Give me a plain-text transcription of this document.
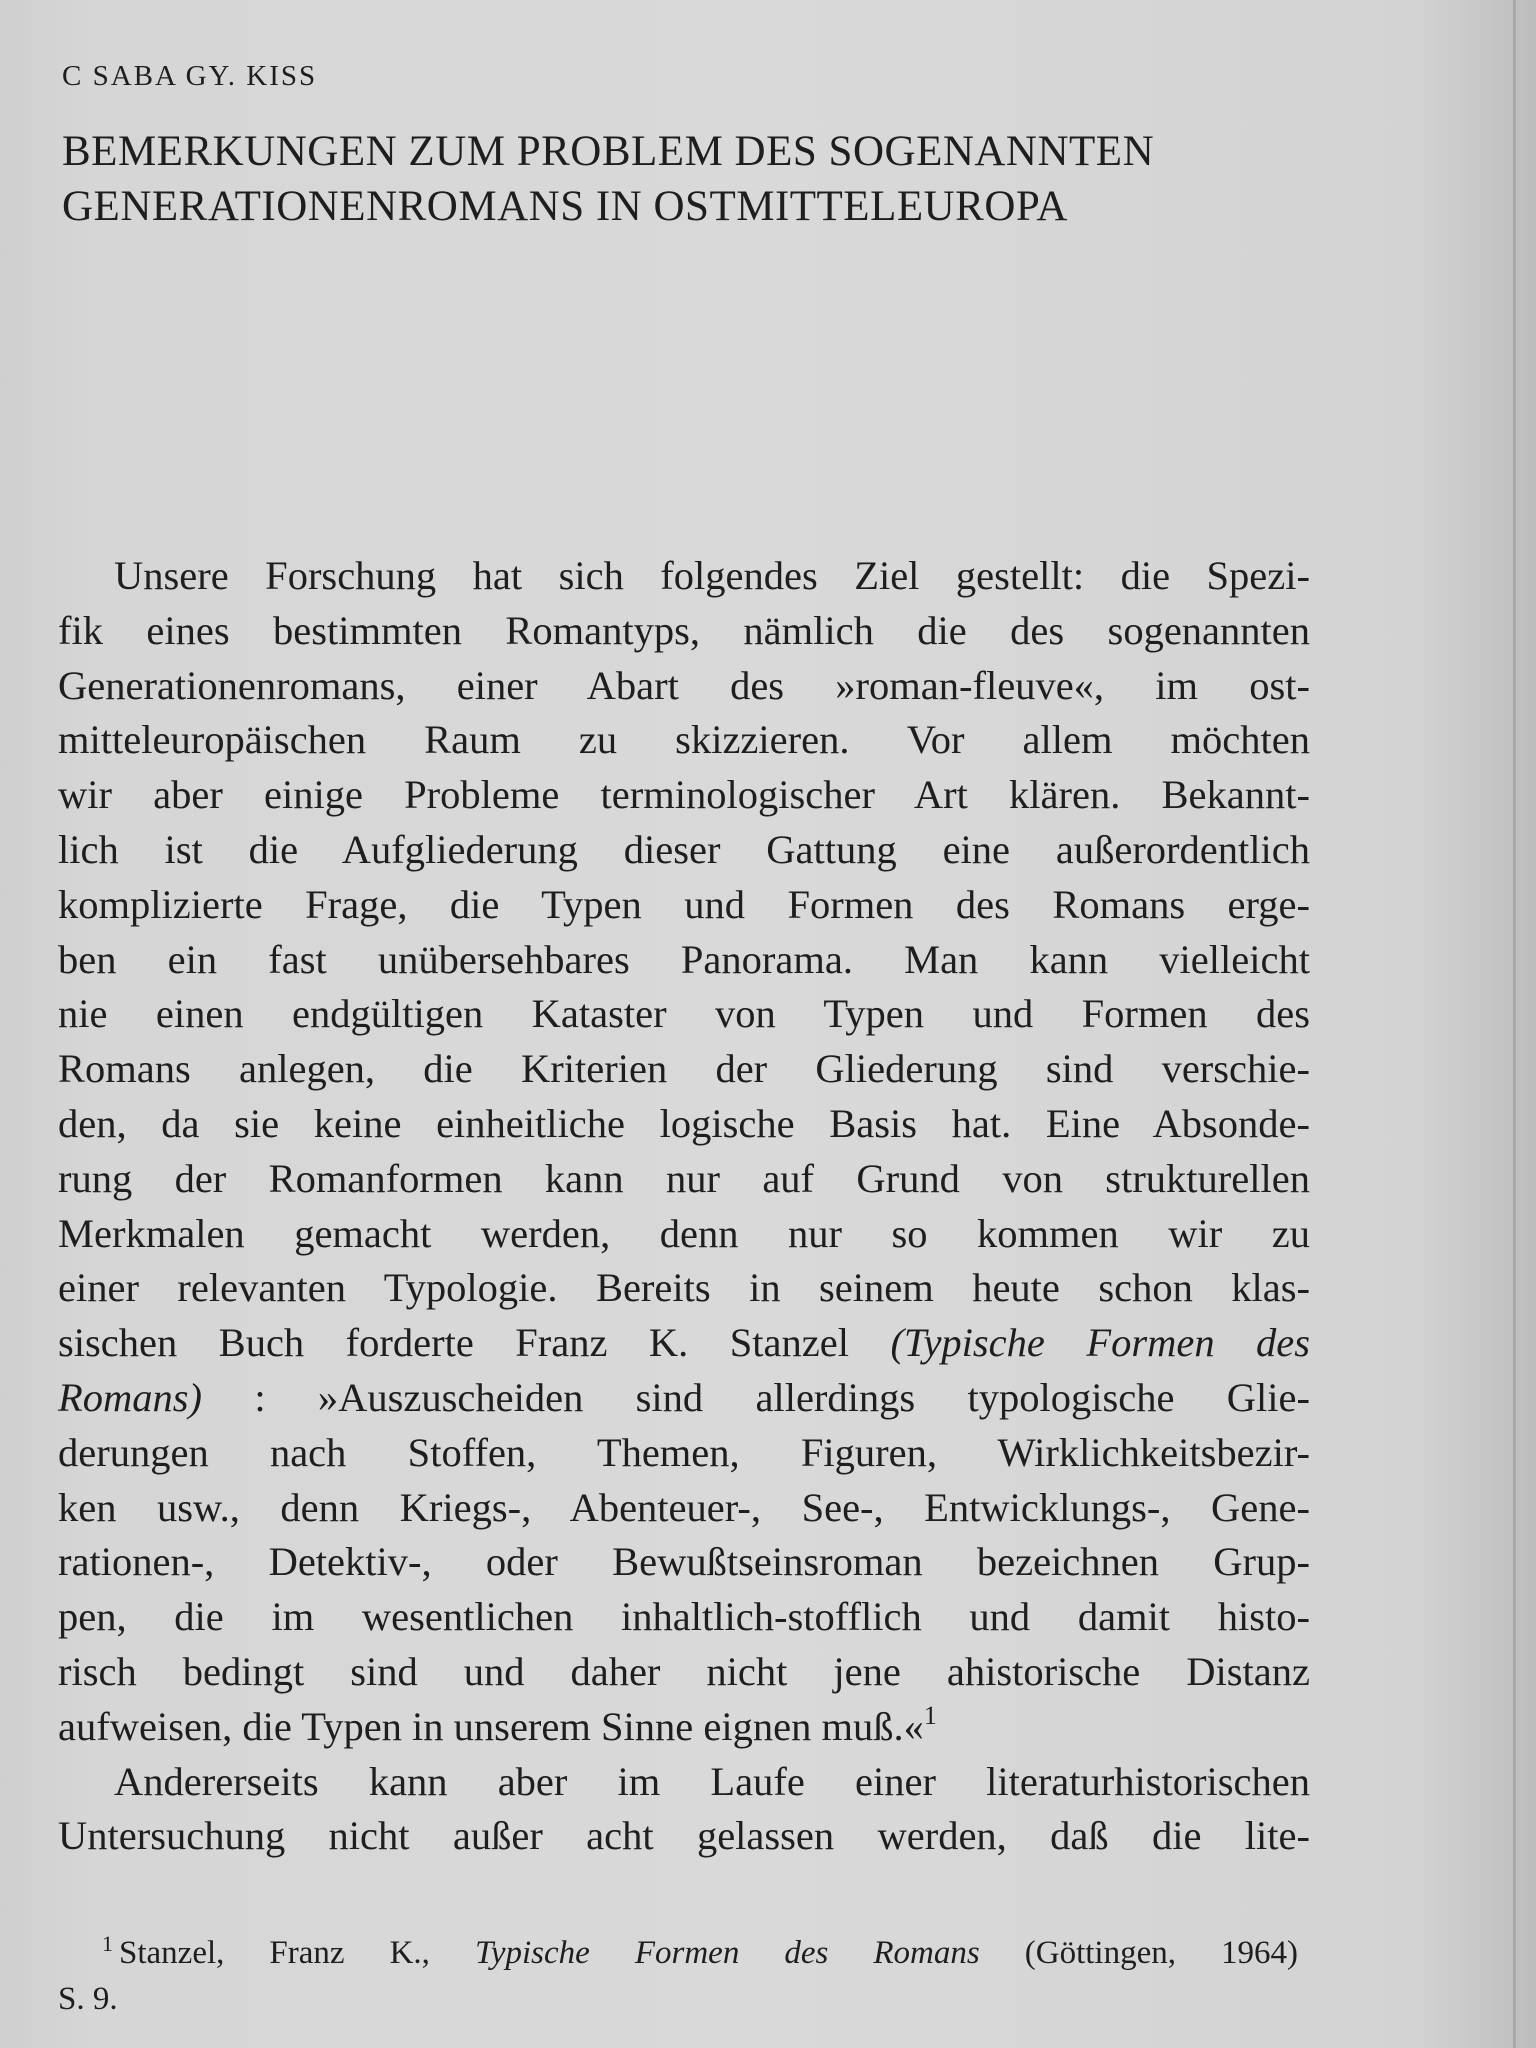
C SABA GY. KISS
BEMERKUNGEN ZUM PROBLEM DES SOGENANNTEN
GENERATIONENROMANS IN OSTMITTELEUROPA
Unsere Forschung hat sich folgendes Ziel gestellt: die Spezi-
fik eines bestimmten Romantyps, nämlich die des sogenannten
Generationenromans, einer Abart des »roman-fleuve«, im ost-
mitteleuropäischen Raum zu skizzieren. Vor allem möchten
wir aber einige Probleme terminologischer Art klären. Bekannt-
lich ist die Aufgliederung dieser Gattung eine außerordentlich
komplizierte Frage, die Typen und Formen des Romans erge-
ben ein fast unübersehbares Panorama. Man kann vielleicht
nie einen endgültigen Kataster von Typen und Formen des
Romans anlegen, die Kriterien der Gliederung sind verschie-
den, da sie keine einheitliche logische Basis hat. Eine Absonde-
rung der Romanformen kann nur auf Grund von strukturellen
Merkmalen gemacht werden, denn nur so kommen wir zu
einer relevanten Typologie. Bereits in seinem heute schon klas-
sischen Buch forderte Franz K. Stanzel (Typische Formen des
Romans) : »Auszuscheiden sind allerdings typologische Glie-
derungen nach Stoffen, Themen, Figuren, Wirklichkeitsbezir-
ken usw., denn Kriegs-, Abenteuer-, See-, Entwicklungs-, Gene-
rationen-, Detektiv-, oder Bewußtseinsroman bezeichnen Grup-
pen, die im wesentlichen inhaltlich-stofflich und damit histo-
risch bedingt sind und daher nicht jene ahistorische Distanz
aufweisen, die Typen in unserem Sinne eignen muß.«$^1$
Andererseits kann aber im Laufe einer literaturhistorischen
Untersuchung nicht außer acht gelassen werden, daß die lite-
$^1$ Stanzel, Franz K., Typische Formen des Romans (Göttingen, 1964)
S. 9.
